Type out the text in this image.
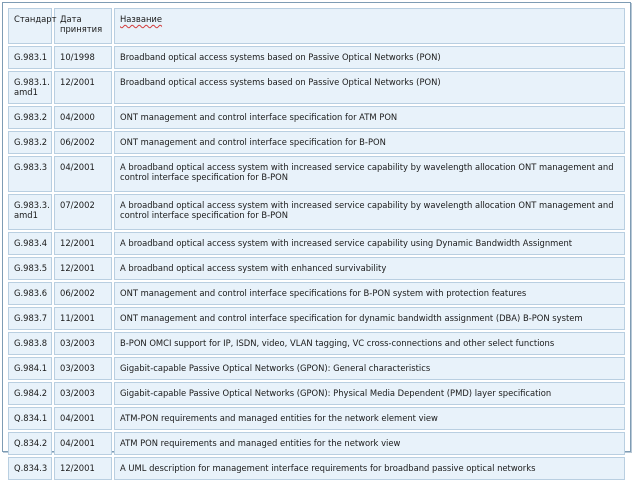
Стандарт	Дата принятия	Название
G.983.1	10/1998	Broadband optical access systems based on Passive Optical Networks (PON)
G.983.1. amd1	12/2001	Broadband optical access systems based on Passive Optical Networks (PON)
G.983.2	04/2000	ONT management and control interface specification for ATM PON
G.983.2	06/2002	ONT management and control interface specification for B-PON
G.983.3	04/2001	A broadband optical access system with increased service capability by wavelength allocation ONT management and control interface specification for B-PON
G.983.3. amd1	07/2002	A broadband optical access system with increased service capability by wavelength allocation ONT management and control interface specification for B-PON
G.983.4	12/2001	A broadband optical access system with increased service capability using Dynamic Bandwidth Assignment
G.983.5	12/2001	A broadband optical access system with enhanced survivability
G.983.6	06/2002	ONT management and control interface specifications for B-PON system with protection features
G.983.7	11/2001	ONT management and control interface specification for dynamic bandwidth assignment (DBA) B-PON system
G.983.8	03/2003	B-PON OMCI support for IP, ISDN, video, VLAN tagging, VC cross-connections and other select functions
G.984.1	03/2003	Gigabit-capable Passive Optical Networks (GPON): General characteristics
G.984.2	03/2003	Gigabit-capable Passive Optical Networks (GPON): Physical Media Dependent (PMD) layer specification
Q.834.1	04/2001	ATM-PON requirements and managed entities for the network element view
Q.834.2	04/2001	ATM PON requirements and managed entities for the network view
Q.834.3	12/2001	A UML description for management interface requirements for broadband passive optical networks
